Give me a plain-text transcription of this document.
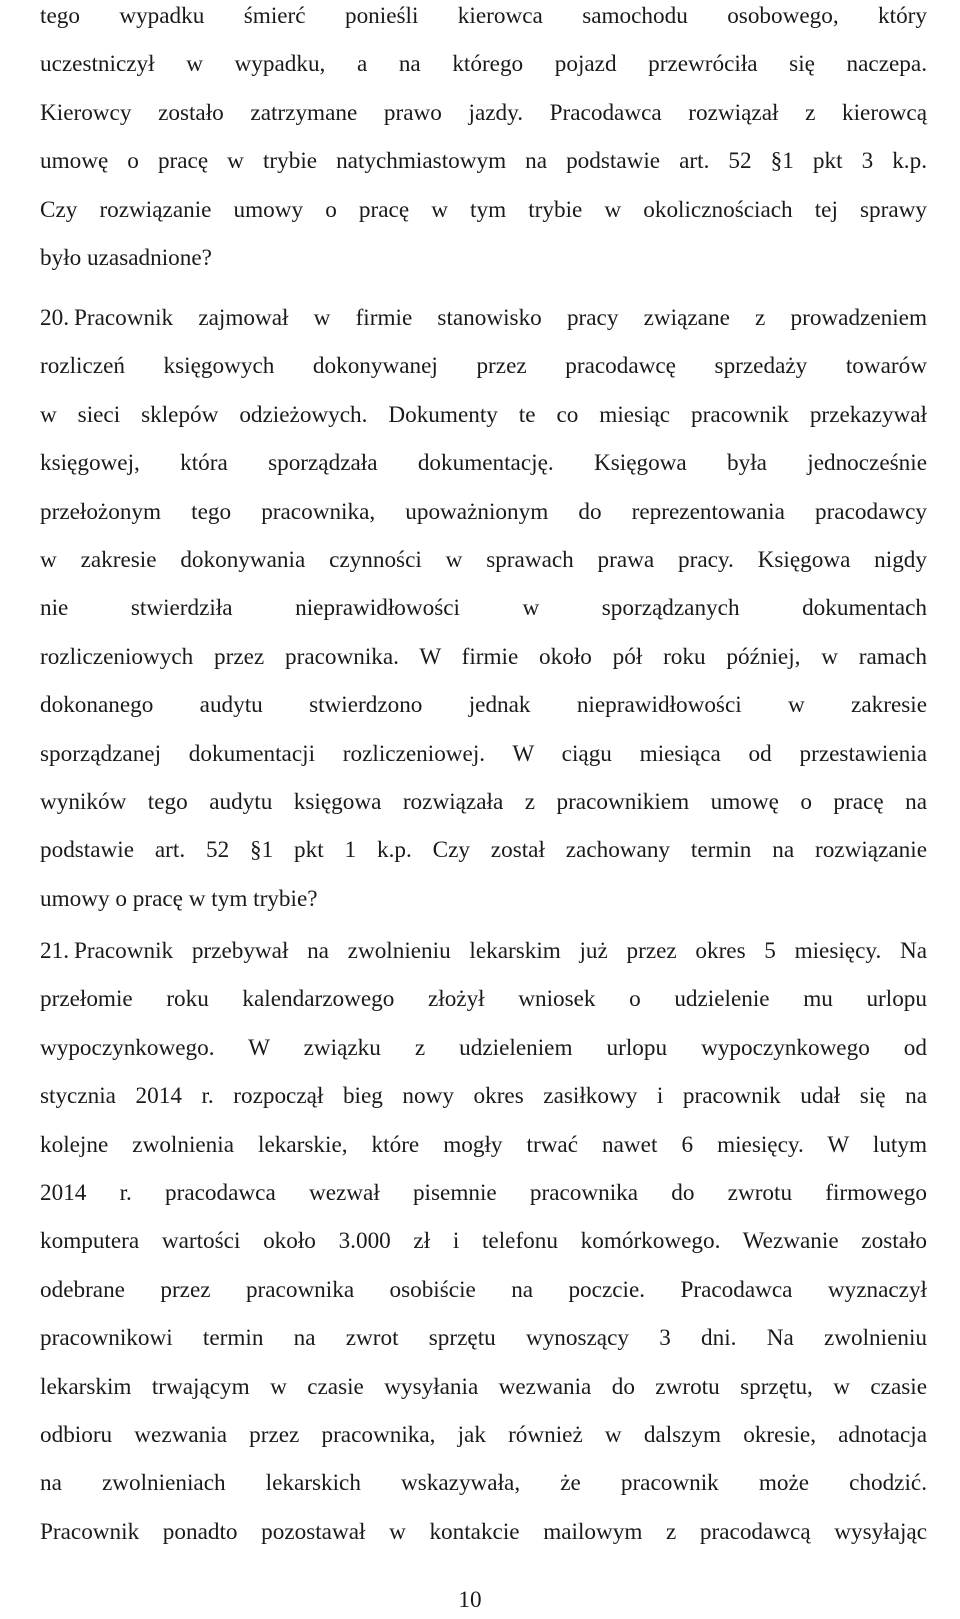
tego wypadku śmierć ponieśli kierowca samochodu osobowego, który
uczestniczył w wypadku, a na którego pojazd przewróciła się naczepa.
Kierowcy zostało zatrzymane prawo jazdy. Pracodawca rozwiązał z kierowcą
umowę o pracę w trybie natychmiastowym na podstawie art. 52 §1 pkt 3 k.p.
Czy rozwiązanie umowy o pracę w tym trybie w okolicznościach tej sprawy
było uzasadnione?
20. Pracownik zajmował w firmie stanowisko pracy związane z prowadzeniem
rozliczeń księgowych dokonywanej przez pracodawcę sprzedaży towarów
w sieci sklepów odzieżowych. Dokumenty te co miesiąc pracownik przekazywał
księgowej, która sporządzała dokumentację. Księgowa była jednocześnie
przełożonym tego pracownika, upoważnionym do reprezentowania pracodawcy
w zakresie dokonywania czynności w sprawach prawa pracy. Księgowa nigdy
nie stwierdziła nieprawidłowości w sporządzanych dokumentach
rozliczeniowych przez pracownika. W firmie około pół roku później, w ramach
dokonanego audytu stwierdzono jednak nieprawidłowości w zakresie
sporządzanej dokumentacji rozliczeniowej. W ciągu miesiąca od przestawienia
wyników tego audytu księgowa rozwiązała z pracownikiem umowę o pracę na
podstawie art. 52 §1 pkt 1 k.p. Czy został zachowany termin na rozwiązanie
umowy o pracę w tym trybie?
21. Pracownik przebywał na zwolnieniu lekarskim już przez okres 5 miesięcy. Na
przełomie roku kalendarzowego złożył wniosek o udzielenie mu urlopu
wypoczynkowego. W związku z udzieleniem urlopu wypoczynkowego od
stycznia 2014 r. rozpoczął bieg nowy okres zasiłkowy i pracownik udał się na
kolejne zwolnienia lekarskie, które mogły trwać nawet 6 miesięcy. W lutym
2014 r. pracodawca wezwał pisemnie pracownika do zwrotu firmowego
komputera wartości około 3.000 zł i telefonu komórkowego. Wezwanie zostało
odebrane przez pracownika osobiście na poczcie. Pracodawca wyznaczył
pracownikowi termin na zwrot sprzętu wynoszący 3 dni. Na zwolnieniu
lekarskim trwającym w czasie wysyłania wezwania do zwrotu sprzętu, w czasie
odbioru wezwania przez pracownika, jak również w dalszym okresie, adnotacja
na zwolnieniach lekarskich wskazywała, że pracownik może chodzić.
Pracownik ponadto pozostawał w kontakcie mailowym z pracodawcą wysyłając
10
